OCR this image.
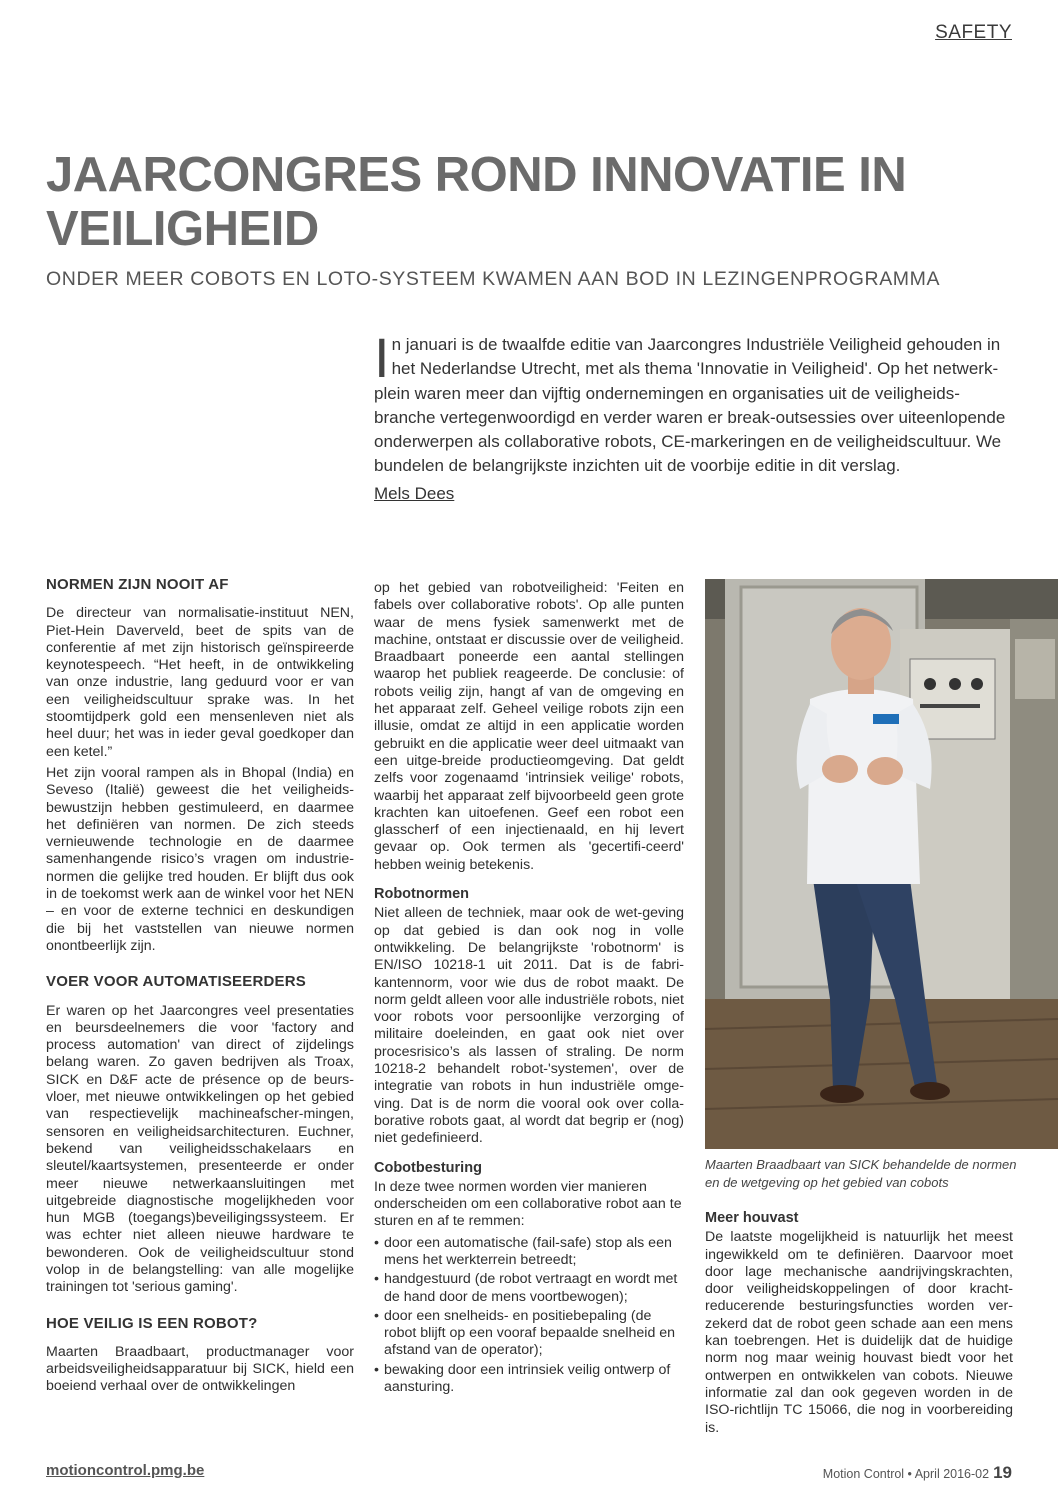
SAFETY
JAARCONGRES ROND INNOVATIE IN VEILIGHEID
ONDER MEER COBOTS EN LOTO-SYSTEEM KWAMEN AAN BOD IN LEZINGENPROGRAMMA

In januari is de twaalfde editie van Jaarcongres Industriële Veiligheid gehouden in het Nederlandse Utrecht, met als thema 'Innovatie in Veiligheid'. Op het netwerk-plein waren meer dan vijftig ondernemingen en organisaties uit de veiligheids-branche vertegenwoordigd en verder waren er break-outsessies over uiteenlopende onderwerpen als collaborative robots, CE-markeringen en de veiligheidscultuur. We bundelen de belangrijkste inzichten uit de voorbije editie in dit verslag.

Mels Dees
NORMEN ZIJN NOOIT AF

De directeur van normalisatie-instituut NEN, Piet-Hein Daverveld, beet de spits van de conferentie af met zijn historisch geïnspireerde keynotespeech. “Het heeft, in de ontwikkeling van onze industrie, lang geduurd voor er van een veiligheidscultuur sprake was. In het stoomtijdperk gold een mensenleven niet als heel duur; het was in ieder geval goedkoper dan een ketel.”

Het zijn vooral rampen als in Bhopal (India) en Seveso (Italië) geweest die het veiligheids-bewustzijn hebben gestimuleerd, en daarmee het definiëren van normen. De zich steeds vernieuwende technologie en de daarmee samenhangende risico’s vragen om industrie-normen die gelijke tred houden. Er blijft dus ook in de toekomst werk aan de winkel voor het NEN – en voor de externe technici en deskundigen die bij het vaststellen van nieuwe normen onontbeerlijk zijn.

VOER VOOR AUTOMATISEERDERS

Er waren op het Jaarcongres veel presentaties en beursdeelnemers die voor 'factory and process automation' van direct of zijdelings belang waren. Zo gaven bedrijven als Troax, SICK en D&F acte de présence op de beurs-vloer, met nieuwe ontwikkelingen op het gebied van respectievelijk machineafscher-mingen, sensoren en veiligheidsarchitecturen. Euchner, bekend van veiligheidsschakelaars en sleutel/kaartsystemen, presenteerde er onder meer nieuwe netwerkaansluitingen met uitgebreide diagnostische mogelijkheden voor hun MGB (toegangs)beveiligingssysteem. Er was echter niet alleen nieuwe hardware te bewonderen. Ook de veiligheidscultuur stond volop in de belangstelling: van alle mogelijke trainingen tot 'serious gaming'.

HOE VEILIG IS EEN ROBOT?

Maarten Braadbaart, productmanager voor arbeidsveiligheidsapparatuur bij SICK, hield een boeiend verhaal over de ontwikkelingen

op het gebied van robotveiligheid: 'Feiten en fabels over collaborative robots'. Op alle punten waar de mens fysiek samenwerkt met de machine, ontstaat er discussie over de veiligheid. Braadbaart poneerde een aantal stellingen waarop het publiek reageerde. De conclusie: of robots veilig zijn, hangt af van de omgeving en het apparaat zelf. Geheel veilige robots zijn een illusie, omdat ze altijd in een applicatie worden gebruikt en die applicatie weer deel uitmaakt van een uitge-breide productieomgeving. Dat geldt zelfs voor zogenaamd 'intrinsiek veilige' robots, waarbij het apparaat zelf bijvoorbeeld geen grote krachten kan uitoefenen. Geef een robot een glasscherf of een injectienaald, en hij levert gevaar op. Ook termen als 'gecertifi-ceerd' hebben weinig betekenis.

Robotnormen

Niet alleen de techniek, maar ook de wet-geving op dat gebied is dan ook nog in volle ontwikkeling. De belangrijkste 'robotnorm' is EN/ISO 10218-1 uit 2011. Dat is de fabri-kantennorm, voor wie dus de robot maakt. De norm geldt alleen voor alle industriële robots, niet voor robots voor persoonlijke verzorging of militaire doeleinden, en gaat ook niet over procesrisico’s als lassen of straling. De norm 10218-2 behandelt robot-'systemen', over de integratie van robots in hun industriële omge-ving. Dat is de norm die vooral ook over colla-borative robots gaat, al wordt dat begrip er (nog) niet gedefinieerd.

Cobotbesturing

In deze twee normen worden vier manieren onderscheiden om een collaborative robot aan te sturen en af te remmen:

• door een automatische (fail-safe) stop als een mens het werkterrein betreedt;
• handgestuurd (de robot vertraagt en wordt met de hand door de mens voortbewogen);
• door een snelheids- en positiebepaling (de robot blijft op een vooraf bepaalde snelheid en afstand van de operator);
• bewaking door een intrinsiek veilig ontwerp of aansturing.
Maarten Braadbaart van SICK behandelde de normen en de wetgeving op het gebied van cobots
Meer houvast

De laatste mogelijkheid is natuurlijk het meest ingewikkeld om te definiëren. Daarvoor moet door lage mechanische aandrijvingskrachten, door veiligheidskoppelingen of door kracht-reducerende besturingsfuncties worden ver-zekerd dat de robot geen schade aan een mens kan toebrengen. Het is duidelijk dat de huidige norm nog maar weinig houvast biedt voor het ontwerpen en ontwikkelen van cobots. Nieuwe informatie zal dan ook gegeven worden in de ISO-richtlijn TC 15066, die nog in voorbereiding is.

motioncontrol.pmg.be	Motion Control • April 2016-02 19
